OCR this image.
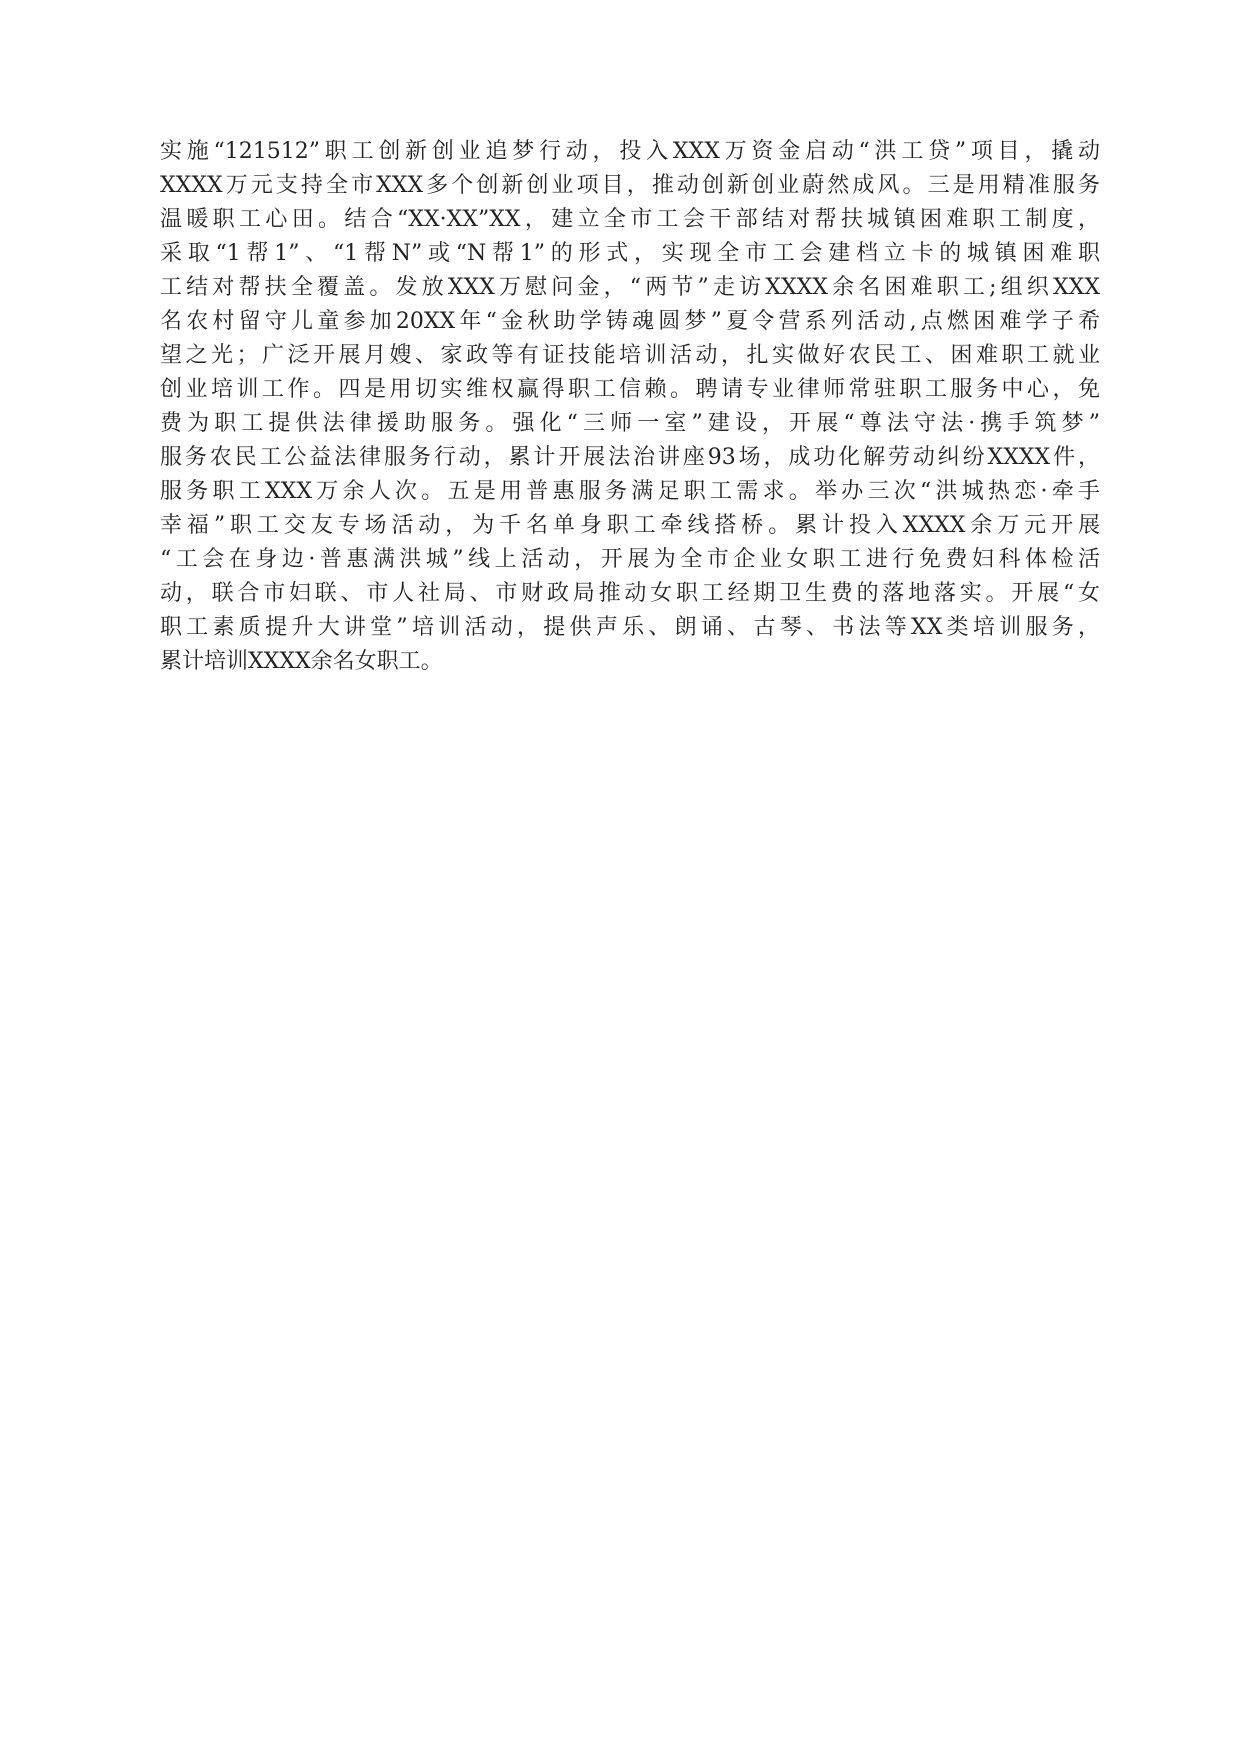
实施“121512”职工创新创业追梦行动，投入XXX万资金启动“洪工贷”项目，撬动
XXXX万元支持全市XXX多个创新创业项目，推动创新创业蔚然成风。三是用精准服务
温暖职工心田。结合“XX·XX”XX，建立全市工会干部结对帮扶城镇困难职工制度，
采取“1帮1”、“1帮N”或“N帮1”的形式，实现全市工会建档立卡的城镇困难职
工结对帮扶全覆盖。发放XXX万慰问金，“两节”走访XXXX余名困难职工;组织XXX
名农村留守儿童参加20XX年“金秋助学铸魂圆梦”夏令营系列活动,点燃困难学子希
望之光；广泛开展月嫂、家政等有证技能培训活动，扎实做好农民工、困难职工就业
创业培训工作。四是用切实维权赢得职工信赖。聘请专业律师常驻职工服务中心，免
费为职工提供法律援助服务。强化“三师一室”建设，开展“尊法守法·携手筑梦”
服务农民工公益法律服务行动，累计开展法治讲座93场，成功化解劳动纠纷XXXX件，
服务职工XXX万余人次。五是用普惠服务满足职工需求。举办三次“洪城热恋·牵手
幸福”职工交友专场活动，为千名单身职工牵线搭桥。累计投入XXXX余万元开展
“工会在身边·普惠满洪城”线上活动，开展为全市企业女职工进行免费妇科体检活
动，联合市妇联、市人社局、市财政局推动女职工经期卫生费的落地落实。开展“女
职工素质提升大讲堂”培训活动，提供声乐、朗诵、古琴、书法等XX类培训服务，
累计培训XXXX余名女职工。
